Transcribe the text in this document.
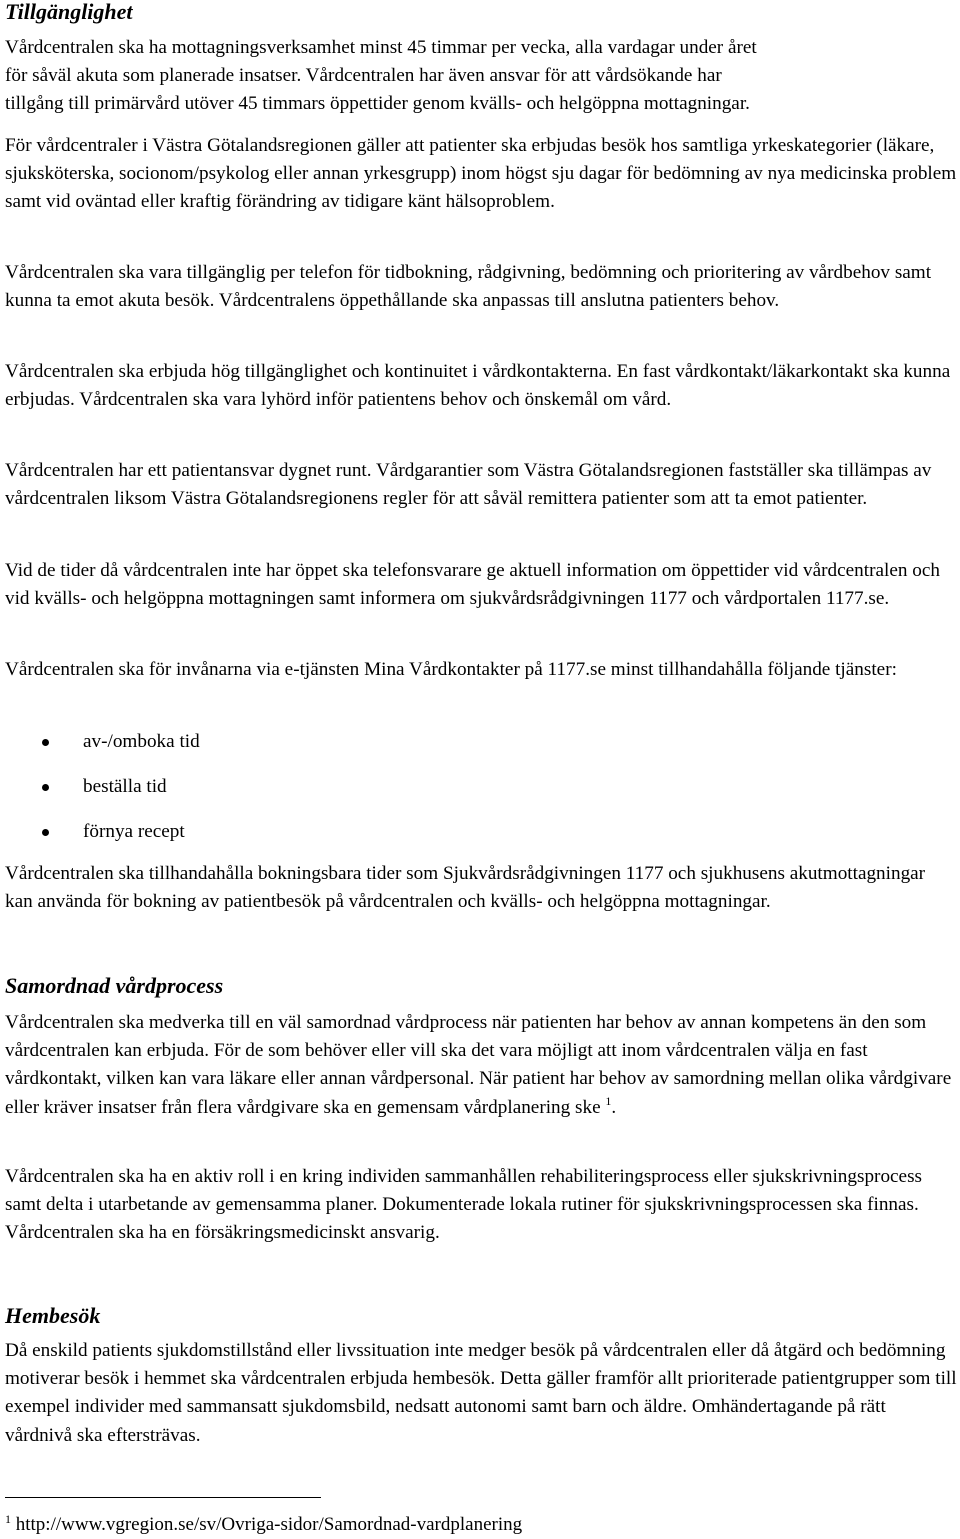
Tillgänglighet
Vårdcentralen ska ha mottagningsverksamhet minst 45 timmar per vecka, alla vardagar under året
för såväl akuta som planerade insatser. Vårdcentralen har även ansvar för att vårdsökande har
tillgång till primärvård utöver 45 timmars öppettider genom kvälls- och helgöppna mottagningar.

För vårdcentraler i Västra Götalandsregionen gäller att patienter ska erbjudas besök hos samtliga yrkeskategorier (läkare, sjuksköterska, socionom/psykolog eller annan yrkesgrupp) inom högst sju dagar för bedömning av nya medicinska problem samt vid oväntad eller kraftig förändring av tidigare känt hälsoproblem.

Vårdcentralen ska vara tillgänglig per telefon för tidbokning, rådgivning, bedömning och prioritering av vårdbehov samt kunna ta emot akuta besök. Vårdcentralens öppethållande ska anpassas till anslutna patienters behov.

Vårdcentralen ska erbjuda hög tillgänglighet och kontinuitet i vårdkontakterna. En fast vårdkontakt/läkarkontakt ska kunna erbjudas. Vårdcentralen ska vara lyhörd inför patientens behov och önskemål om vård.

Vårdcentralen har ett patientansvar dygnet runt. Vårdgarantier som Västra Götalandsregionen fastställer ska tillämpas av vårdcentralen liksom Västra Götalandsregionens regler för att såväl remittera patienter som att ta emot patienter.

Vid de tider då vårdcentralen inte har öppet ska telefonsvarare ge aktuell information om öppettider vid vårdcentralen och vid kvälls- och helgöppna mottagningen samt informera om sjukvårdsrådgivningen 1177 och vårdportalen 1177.se.

Vårdcentralen ska för invånarna via e-tjänsten Mina Vårdkontakter på 1177.se minst tillhandahålla följande tjänster:

av-/omboka tid
beställa tid
förnya recept

Vårdcentralen ska tillhandahålla bokningsbara tider som Sjukvårdsrådgivningen 1177 och sjukhusens akutmottagningar kan använda för bokning av patientbesök på vårdcentralen och kvälls- och helgöppna mottagningar.

Samordnad vårdprocess

Vårdcentralen ska medverka till en väl samordnad vårdprocess när patienten har behov av annan kompetens än den som vårdcentralen kan erbjuda. För de som behöver eller vill ska det vara möjligt att inom vårdcentralen välja en fast vårdkontakt, vilken kan vara läkare eller annan vårdpersonal. När patient har behov av samordning mellan olika vårdgivare eller kräver insatser från flera vårdgivare ska en gemensam vårdplanering ske $^1$.

Vårdcentralen ska ha en aktiv roll i en kring individen sammanhållen rehabiliteringsprocess eller sjukskrivningsprocess samt delta i utarbetande av gemensamma planer. Dokumenterade lokala rutiner för sjukskrivningsprocessen ska finnas. Vårdcentralen ska ha en försäkringsmedicinskt ansvarig.

Hembesök

Då enskild patients sjukdomstillstånd eller livssituation inte medger besök på vårdcentralen eller då åtgärd och bedömning motiverar besök i hemmet ska vårdcentralen erbjuda hembesök. Detta gäller framför allt prioriterade patientgrupper som till exempel individer med sammansatt sjukdomsbild, nedsatt autonomi samt barn och äldre. Omhändertagande på rätt vårdnivå ska eftersträvas.

$^1$ http://www.vgregion.se/sv/Ovriga-sidor/Samordnad-vardplanering
